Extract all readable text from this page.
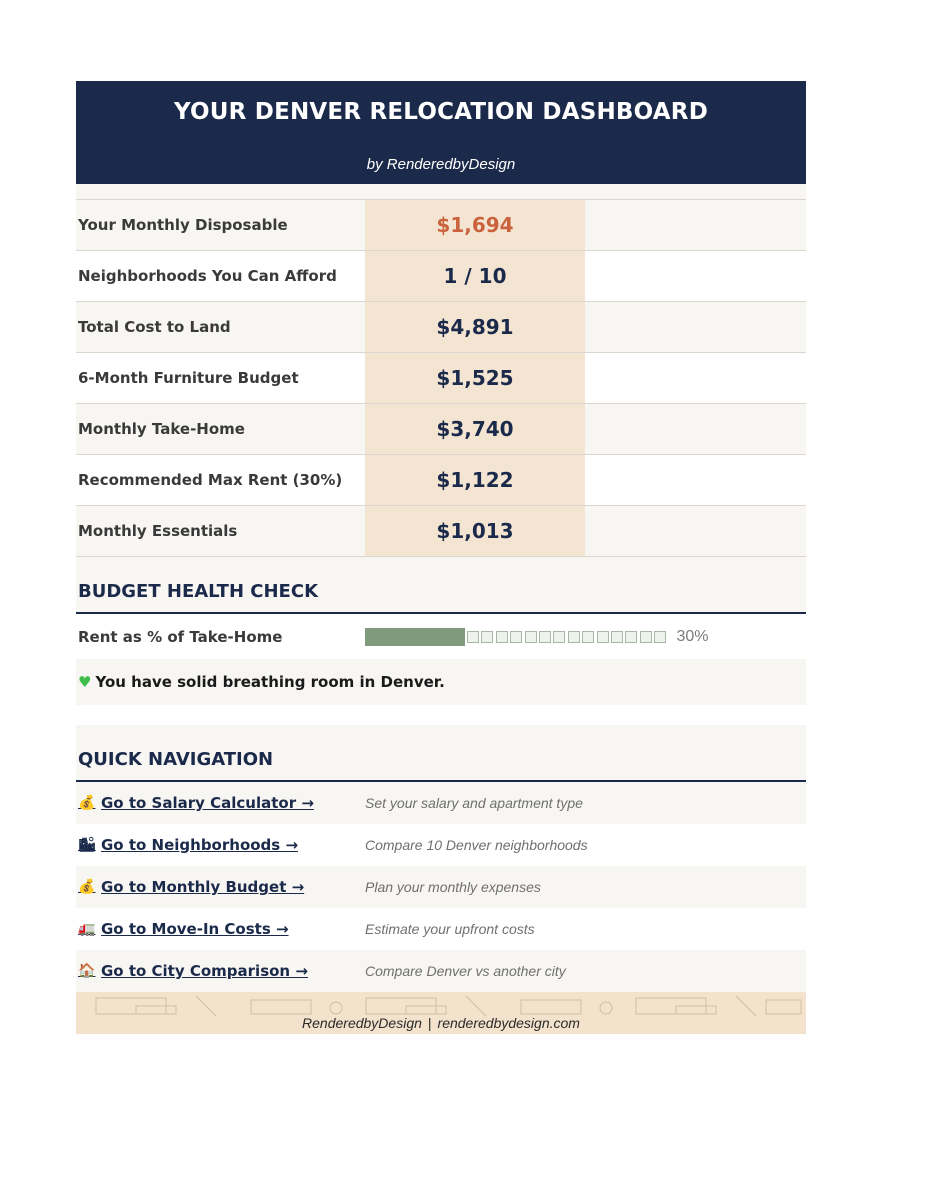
YOUR DENVER RELOCATION DASHBOARD
by RenderedbyDesign
Your Monthly Disposable	$1,694
Neighborhoods You Can Afford	1 / 10
Total Cost to Land	$4,891
6-Month Furniture Budget	$1,525
Monthly Take-Home	$3,740
Recommended Max Rent (30%)	$1,122
Monthly Essentials	$1,013
BUDGET HEALTH CHECK
Rent as % of Take-Home	30%
♥ You have solid breathing room in Denver.
QUICK NAVIGATION
💰 Go to Salary Calculator →	Set your salary and apartment type
🏙 Go to Neighborhoods →	Compare 10 Denver neighborhoods
💰 Go to Monthly Budget →	Plan your monthly expenses
🚛 Go to Move-In Costs →	Estimate your upfront costs
🏠 Go to City Comparison →	Compare Denver vs another city
RenderedbyDesign | renderedbydesign.com
